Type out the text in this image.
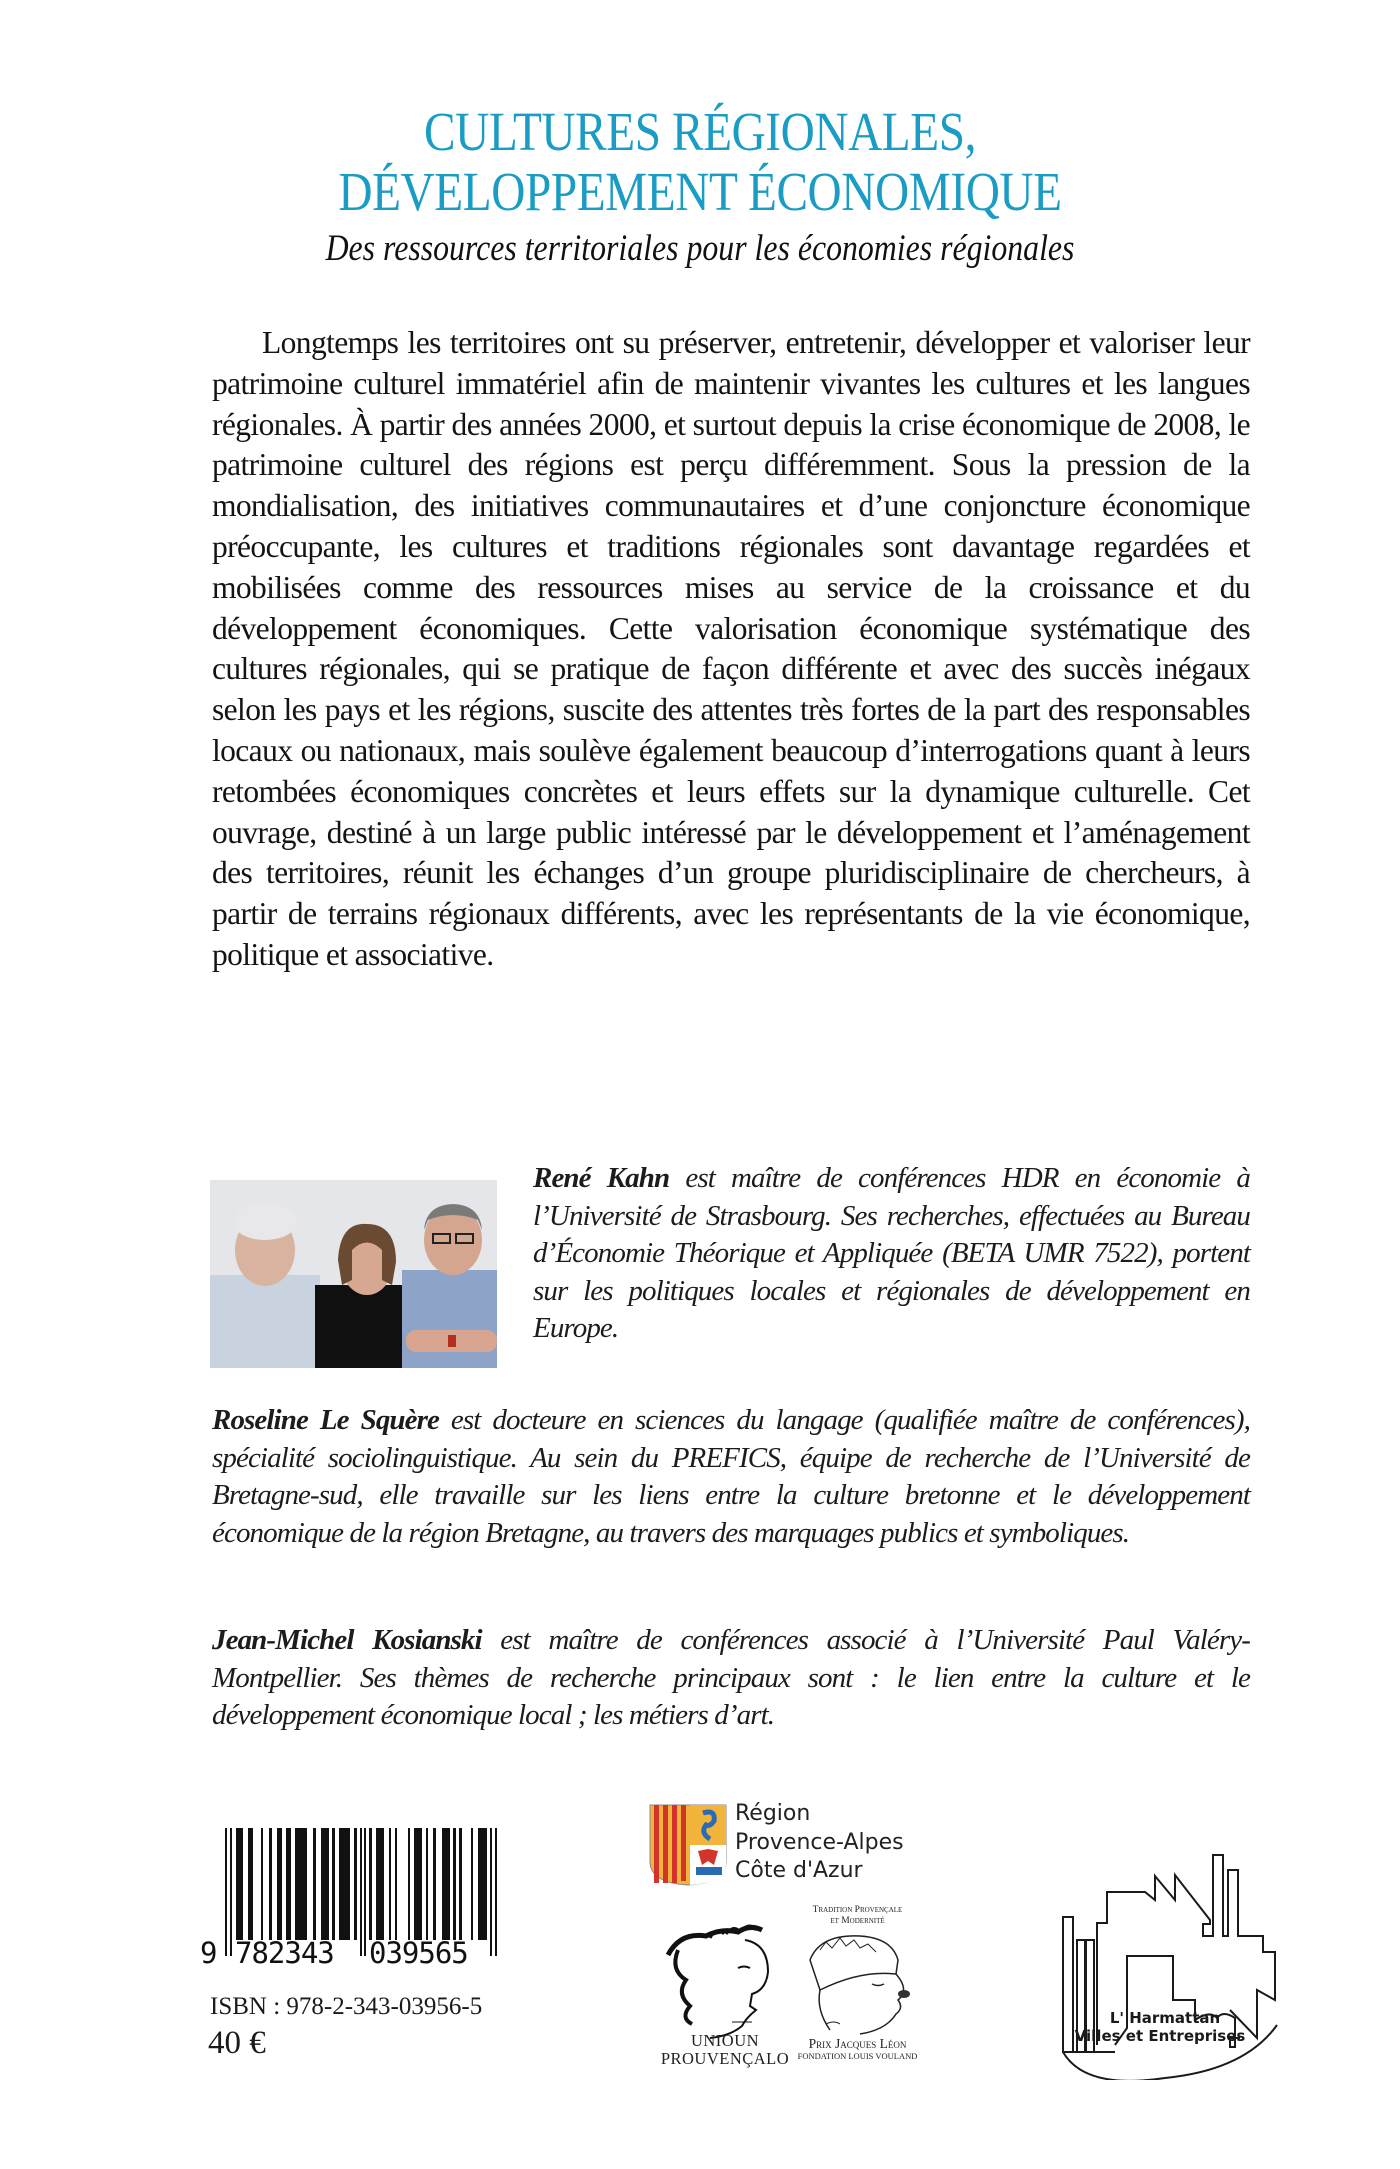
CULTURES RÉGIONALES,
DÉVELOPPEMENT ÉCONOMIQUE
Des ressources territoriales pour les économies régionales
Longtemps les territoires ont su préserver, entretenir, développer et valoriser leur patrimoine culturel immatériel afin de maintenir vivantes les cultures et les langues régionales. À partir des années 2000, et surtout depuis la crise économique de 2008, le patrimoine culturel des régions est perçu différemment. Sous la pression de la mondialisation, des initiatives communautaires et d’une conjoncture économique préoccupante, les cultures et traditions régionales sont davantage regardées et mobilisées comme des ressources mises au service de la croissance et du développement économiques. Cette valorisation économique systématique des cultures régionales, qui se pratique de façon différente et avec des succès inégaux selon les pays et les régions, suscite des attentes très fortes de la part des responsables locaux ou nationaux, mais soulève également beaucoup d’interrogations quant à leurs retombées économiques concrètes et leurs effets sur la dynamique culturelle. Cet ouvrage, destiné à un large public intéressé par le développement et l’aménagement des territoires, réunit les échanges d’un groupe pluridisciplinaire de chercheurs, à partir de terrains régionaux différents, avec les représentants de la vie économique, politique et associative.
René Kahn est maître de conférences HDR en économie à l’Université de Strasbourg. Ses recherches, effectuées au Bureau d’Économie Théorique et Appliquée (BETA UMR 7522), portent sur les politiques locales et régionales de développement en Europe.
Roseline Le Squère est docteure en sciences du langage (qualifiée maître de conférences), spécialité sociolinguistique. Au sein du PREFICS, équipe de recherche de l’Université de Bretagne-sud, elle travaille sur les liens entre la culture bretonne et le développement économique de la région Bretagne, au travers des marquages publics et symboliques.
Jean-Michel Kosianski est maître de conférences associé à l’Université Paul Valéry-Montpellier. Ses thèmes de recherche principaux sont : le lien entre la culture et le développement économique local ; les métiers d’art.
9 782343 039565
ISBN : 978-2-343-03956-5
40 €
Région
Provence-Alpes
Côte d'Azur
UNIOUN
PROUVENÇALO
Tradition Provençale
et Modernité
Prix Jacques Léon
FONDATION LOUIS VOULAND
L' Harmattan
Villes et Entreprises
